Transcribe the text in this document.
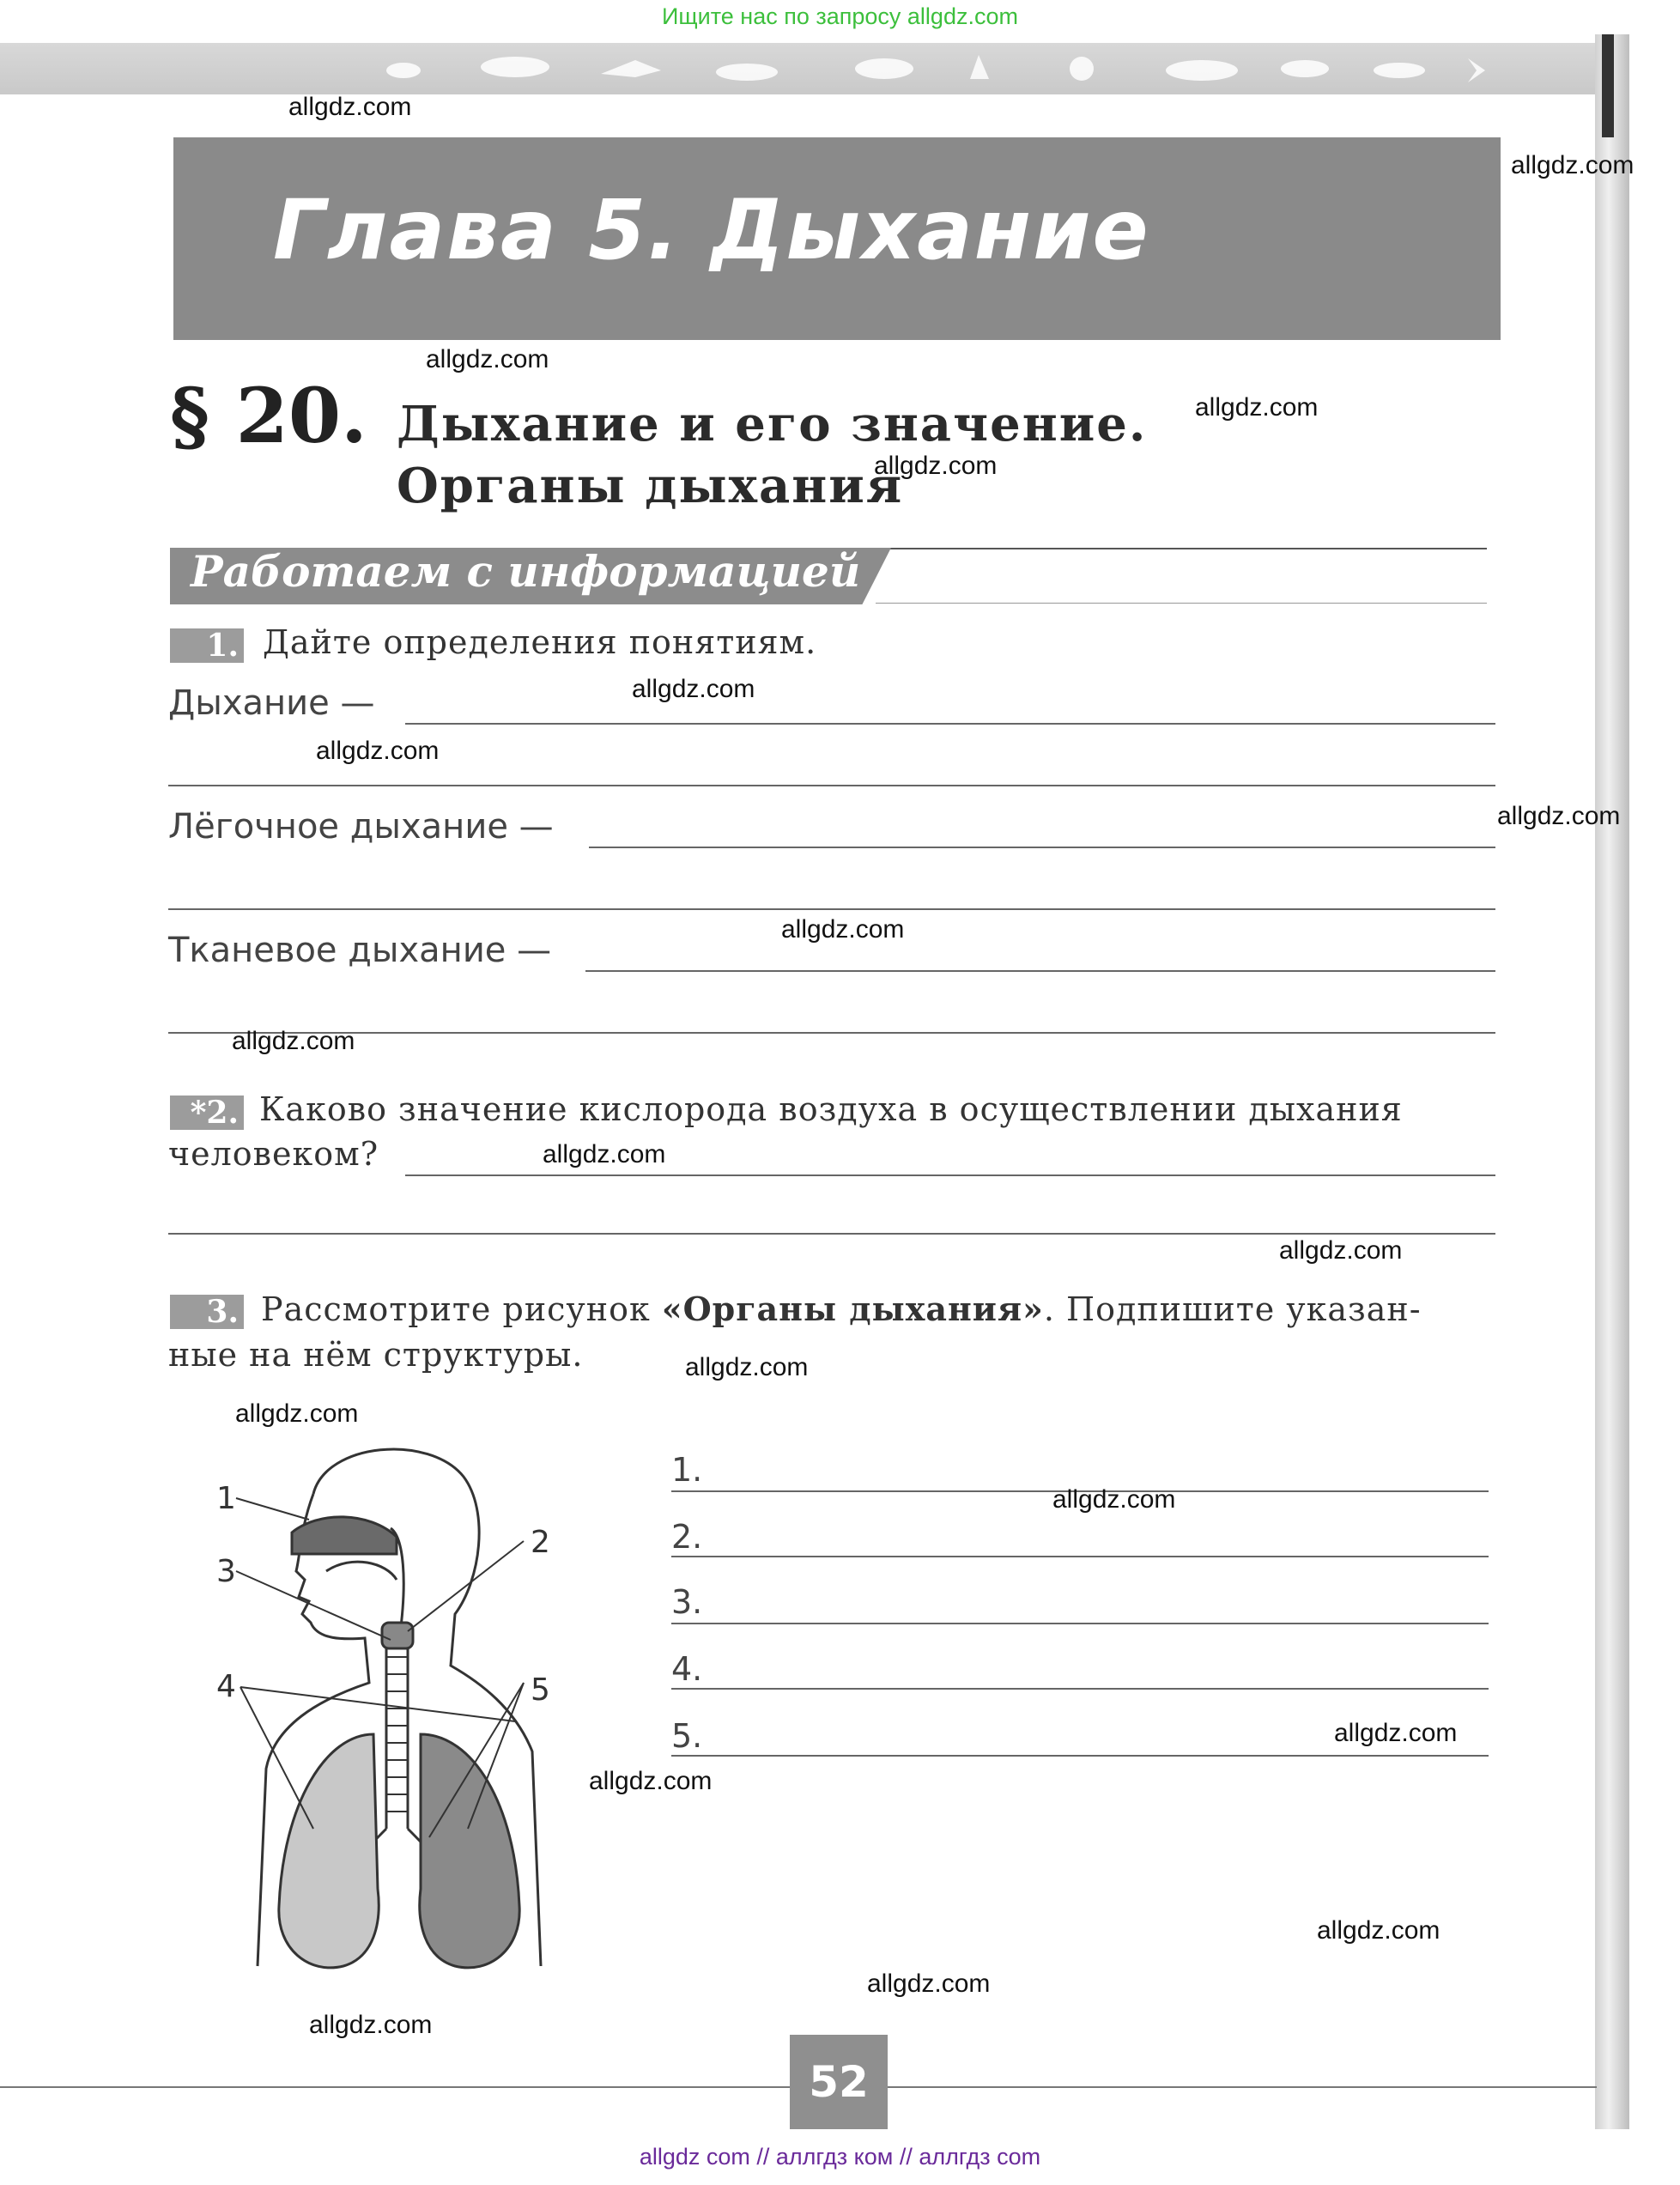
Ищите нас по запросу allgdz.com
Глава 5. Дыхание
§ 20. Дыхание и его значение.
Органы дыхания
Работаем с информацией
1. Дайте определения понятиям.
Дыхание —
Лёгочное дыхание —
Тканевое дыхание —
*2. Каково значение кислорода воздуха в осуществлении дыхания
человеком?
3. Рассмотрите рисунок «Органы дыхания». Подпишите указан-
ные на нём структуры.
1
2
3
4	5
1.
2.
3.
4.
5.
allgdz.com
allgdz.com
allgdz.com
allgdz.com
allgdz.com
allgdz.com
allgdz.com
allgdz.com
allgdz.com
allgdz.com
allgdz.com
allgdz.com
allgdz.com
allgdz.com
allgdz.com
allgdz.com
allgdz.com
allgdz.com
allgdz.com
allgdz.com
52
allgdz com // аллгдз ком // аллгдз com
